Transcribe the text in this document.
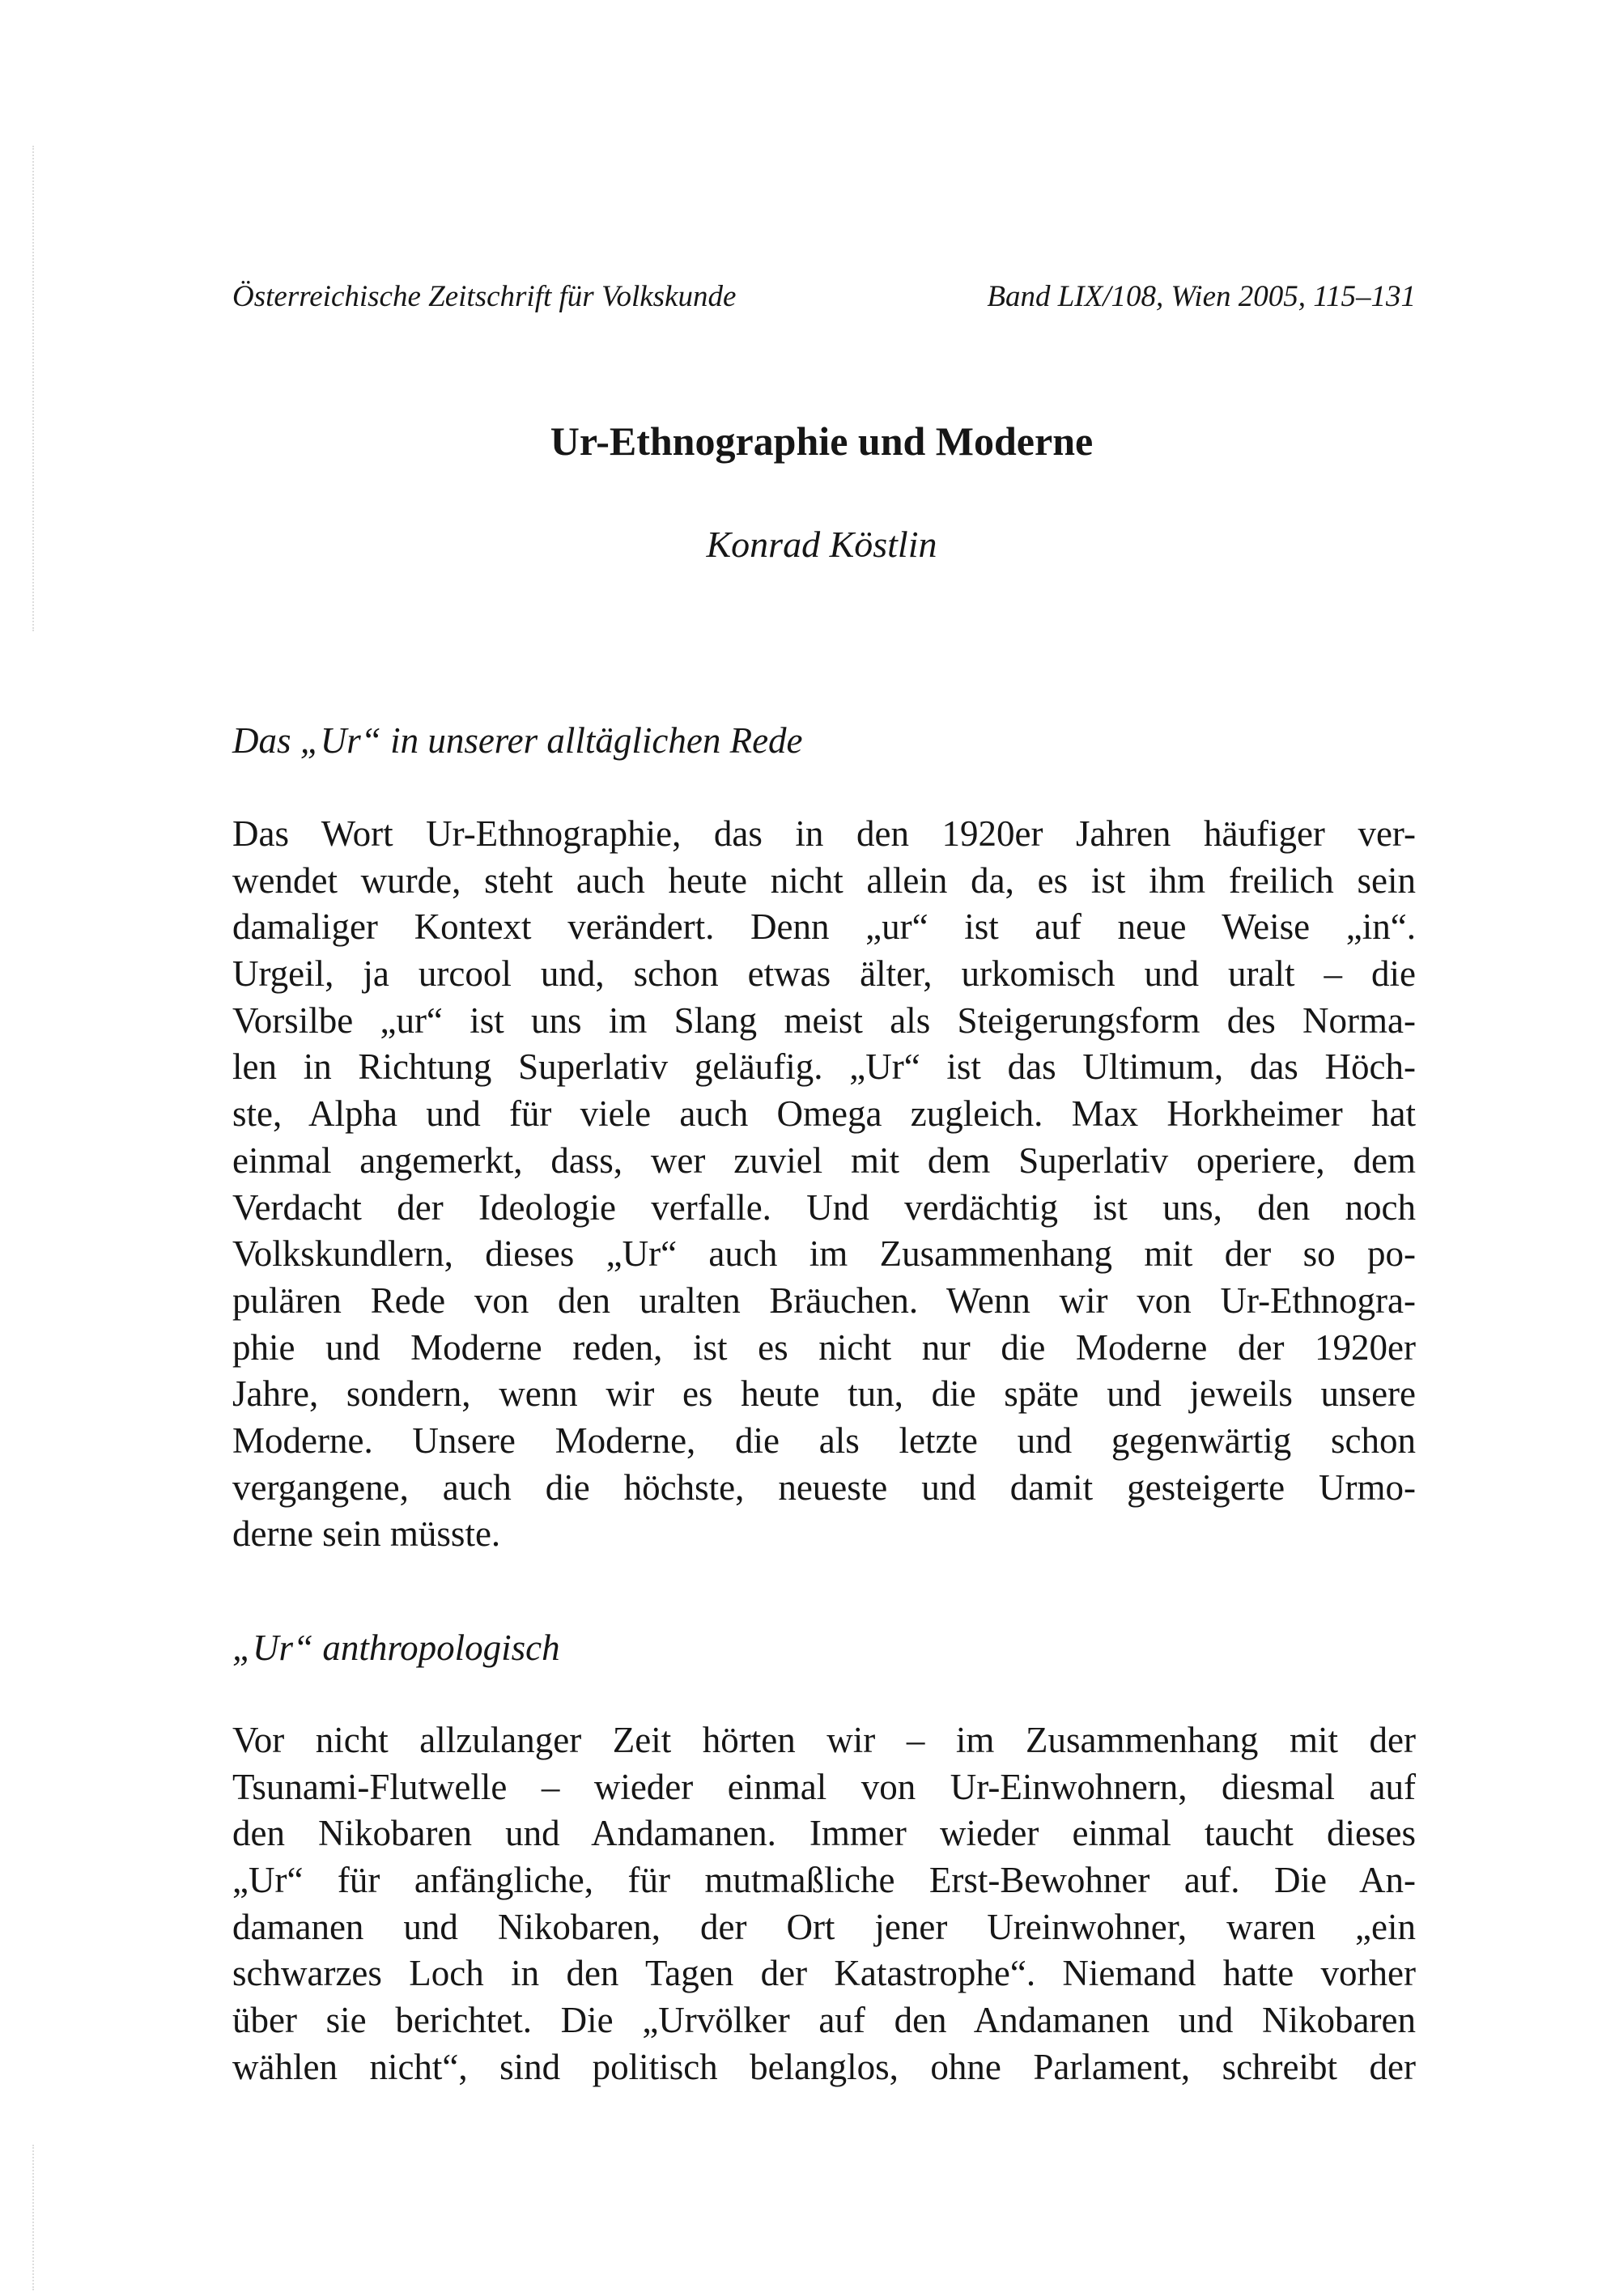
Österreichische Zeitschrift für Volkskunde	Band LIX/108, Wien 2005, 115–131
Ur-Ethnographie und Moderne
Konrad Köstlin
Das „Ur“ in unserer alltäglichen Rede
Das Wort Ur-Ethnographie, das in den 1920er Jahren häufiger ver-
wendet wurde, steht auch heute nicht allein da, es ist ihm freilich sein
damaliger Kontext verändert. Denn „ur“ ist auf neue Weise „in“.
Urgeil, ja urcool und, schon etwas älter, urkomisch und uralt – die
Vorsilbe „ur“ ist uns im Slang meist als Steigerungsform des Norma-
len in Richtung Superlativ geläufig. „Ur“ ist das Ultimum, das Höch-
ste, Alpha und für viele auch Omega zugleich. Max Horkheimer hat
einmal angemerkt, dass, wer zuviel mit dem Superlativ operiere, dem
Verdacht der Ideologie verfalle. Und verdächtig ist uns, den noch
Volkskundlern, dieses „Ur“ auch im Zusammenhang mit der so po-
pulären Rede von den uralten Bräuchen. Wenn wir von Ur-Ethnogra-
phie und Moderne reden, ist es nicht nur die Moderne der 1920er
Jahre, sondern, wenn wir es heute tun, die späte und jeweils unsere
Moderne. Unsere Moderne, die als letzte und gegenwärtig schon
vergangene, auch die höchste, neueste und damit gesteigerte Urmo-
derne sein müsste.
„Ur“ anthropologisch
Vor nicht allzulanger Zeit hörten wir – im Zusammenhang mit der
Tsunami-Flutwelle – wieder einmal von Ur-Einwohnern, diesmal auf
den Nikobaren und Andamanen. Immer wieder einmal taucht dieses
„Ur“ für anfängliche, für mutmaßliche Erst-Bewohner auf. Die An-
damanen und Nikobaren, der Ort jener Ureinwohner, waren „ein
schwarzes Loch in den Tagen der Katastrophe“. Niemand hatte vorher
über sie berichtet. Die „Urvölker auf den Andamanen und Nikobaren
wählen nicht“, sind politisch belanglos, ohne Parlament, schreibt der
